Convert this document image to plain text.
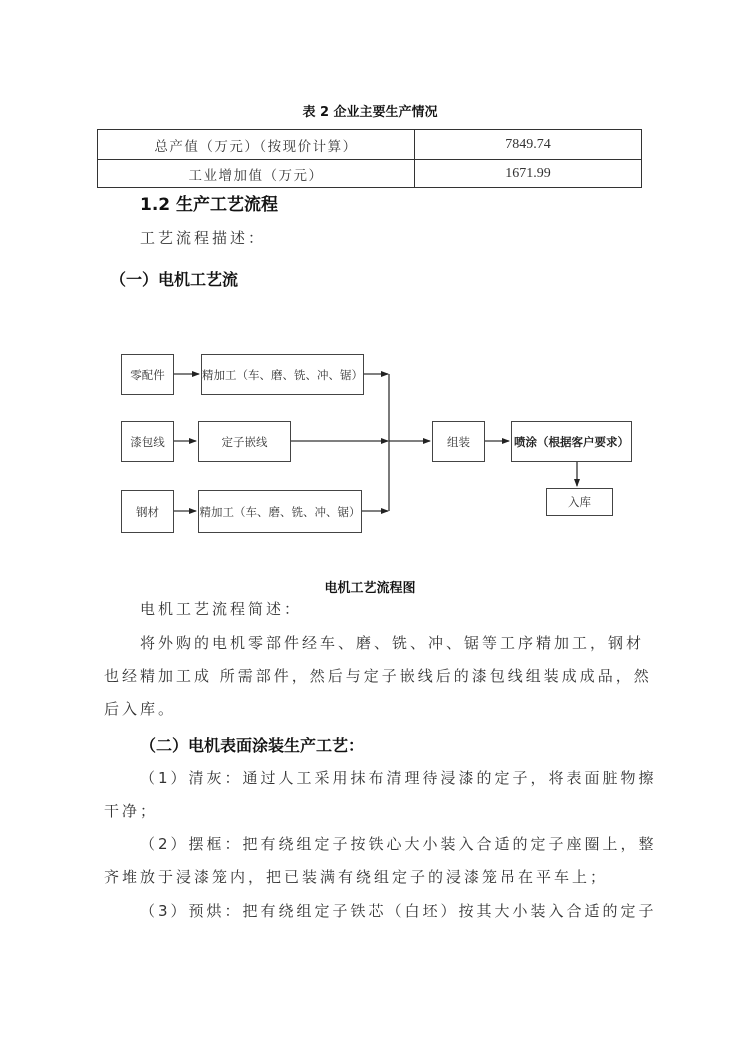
表 2 企业主要生产情况
总产值（万元）（按现价计算）	7849.74
工业增加值（万元）	1671.99
1.2 生产工艺流程
工艺流程描述：
（一）电机工艺流
零配件	精加工（车、磨、铣、冲、锯）
漆包线	定子嵌线
钢材	精加工（车、磨、铣、冲、锯）
组装	喷涂（根据客户要求）
入库
电机工艺流程图
电机工艺流程简述：
将外购的电机零部件经车、磨、铣、冲、锯等工序精加工，钢材
也经精加工成 所需部件，然后与定子嵌线后的漆包线组装成成品，然
后入库。
（二）电机表面涂装生产工艺：
（1）清灰：通过人工采用抹布清理待浸漆的定子，将表面脏物擦
干净；
（2）摆框：把有绕组定子按铁心大小装入合适的定子座圈上，整
齐堆放于浸漆笼内，把已装满有绕组定子的浸漆笼吊在平车上；
（3）预烘：把有绕组定子铁芯（白坯）按其大小装入合适的定子
